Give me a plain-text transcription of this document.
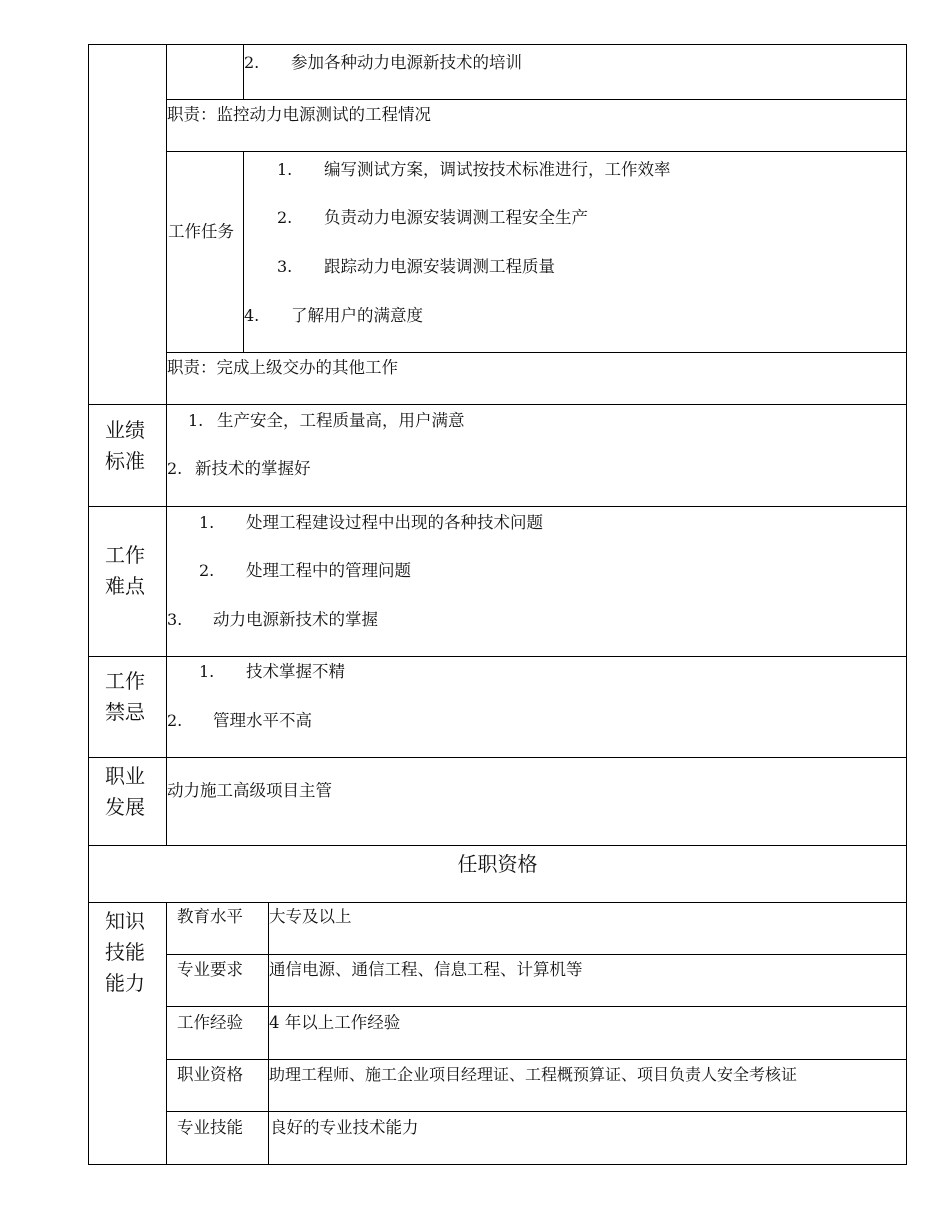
2. 参加各种动力电源新技术的培训
职责：监控动力电源测试的工程情况
工作任务
1. 编写测试方案，调试按技术标准进行，工作效率
2. 负责动力电源安装调测工程安全生产
3. 跟踪动力电源安装调测工程质量
4. 了解用户的满意度
职责：完成上级交办的其他工作
业绩标准
1. 生产安全，工程质量高，用户满意
2. 新技术的掌握好
工作难点
1. 处理工程建设过程中出现的各种技术问题
2. 处理工程中的管理问题
3. 动力电源新技术的掌握
工作禁忌
1. 技术掌握不精
2. 管理水平不高
职业发展
动力施工高级项目主管
任职资格
知识技能能力
教育水平 大专及以上
专业要求 通信电源、通信工程、信息工程、计算机等
工作经验 4 年以上工作经验
职业资格 助理工程师、施工企业项目经理证、工程概预算证、项目负责人安全考核证
专业技能 良好的专业技术能力
